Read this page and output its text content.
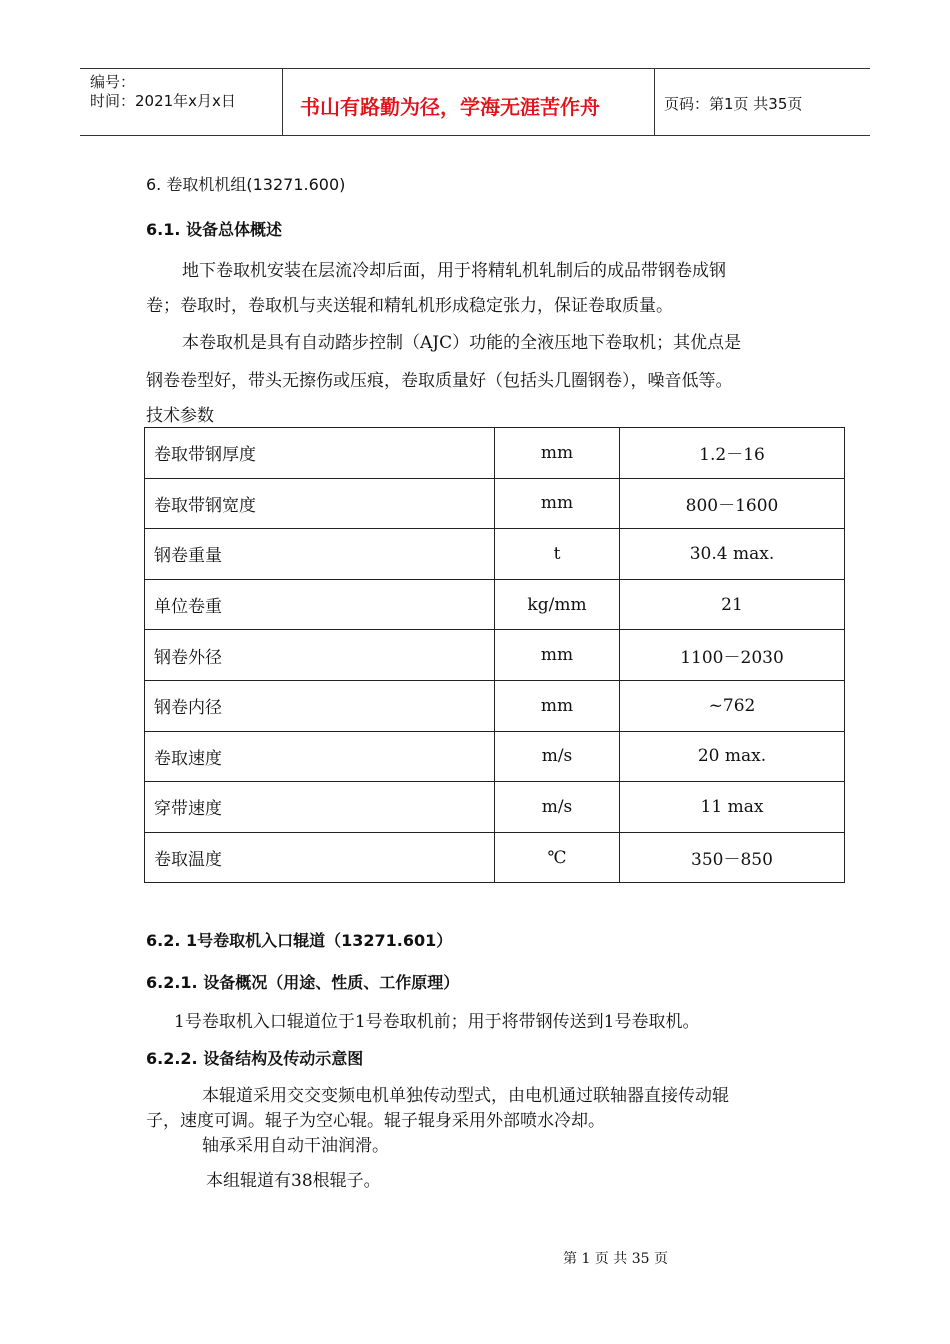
编号：
时间：2021年x月x日	书山有路勤为径，学海无涯苦作舟	页码：第1页 共35页
6. 卷取机机组(13271.600)
6.1. 设备总体概述
地下卷取机安装在层流冷却后面，用于将精轧机轧制后的成品带钢卷成钢
卷；卷取时，卷取机与夹送辊和精轧机形成稳定张力，保证卷取质量。
本卷取机是具有自动踏步控制（AJC）功能的全液压地下卷取机；其优点是
钢卷卷型好，带头无擦伤或压痕，卷取质量好（包括头几圈钢卷），噪音低等。
技术参数
卷取带钢厚度	mm	1.2－16
卷取带钢宽度	mm	800－1600
钢卷重量	t	30.4 max.
单位卷重	kg/mm	21
钢卷外径	mm	1100－2030
钢卷内径	mm	~762
卷取速度	m/s	20 max.
穿带速度	m/s	11 max
卷取温度	℃	350－850
6.2. 1号卷取机入口辊道（13271.601）
6.2.1. 设备概况（用途、性质、工作原理）
1号卷取机入口辊道位于1号卷取机前；用于将带钢传送到1号卷取机。
6.2.2. 设备结构及传动示意图
本辊道采用交交变频电机单独传动型式，由电机通过联轴器直接传动辊
子，速度可调。辊子为空心辊。辊子辊身采用外部喷水冷却。
轴承采用自动干油润滑。
本组辊道有38根辊子。
第 1 页 共 35 页
